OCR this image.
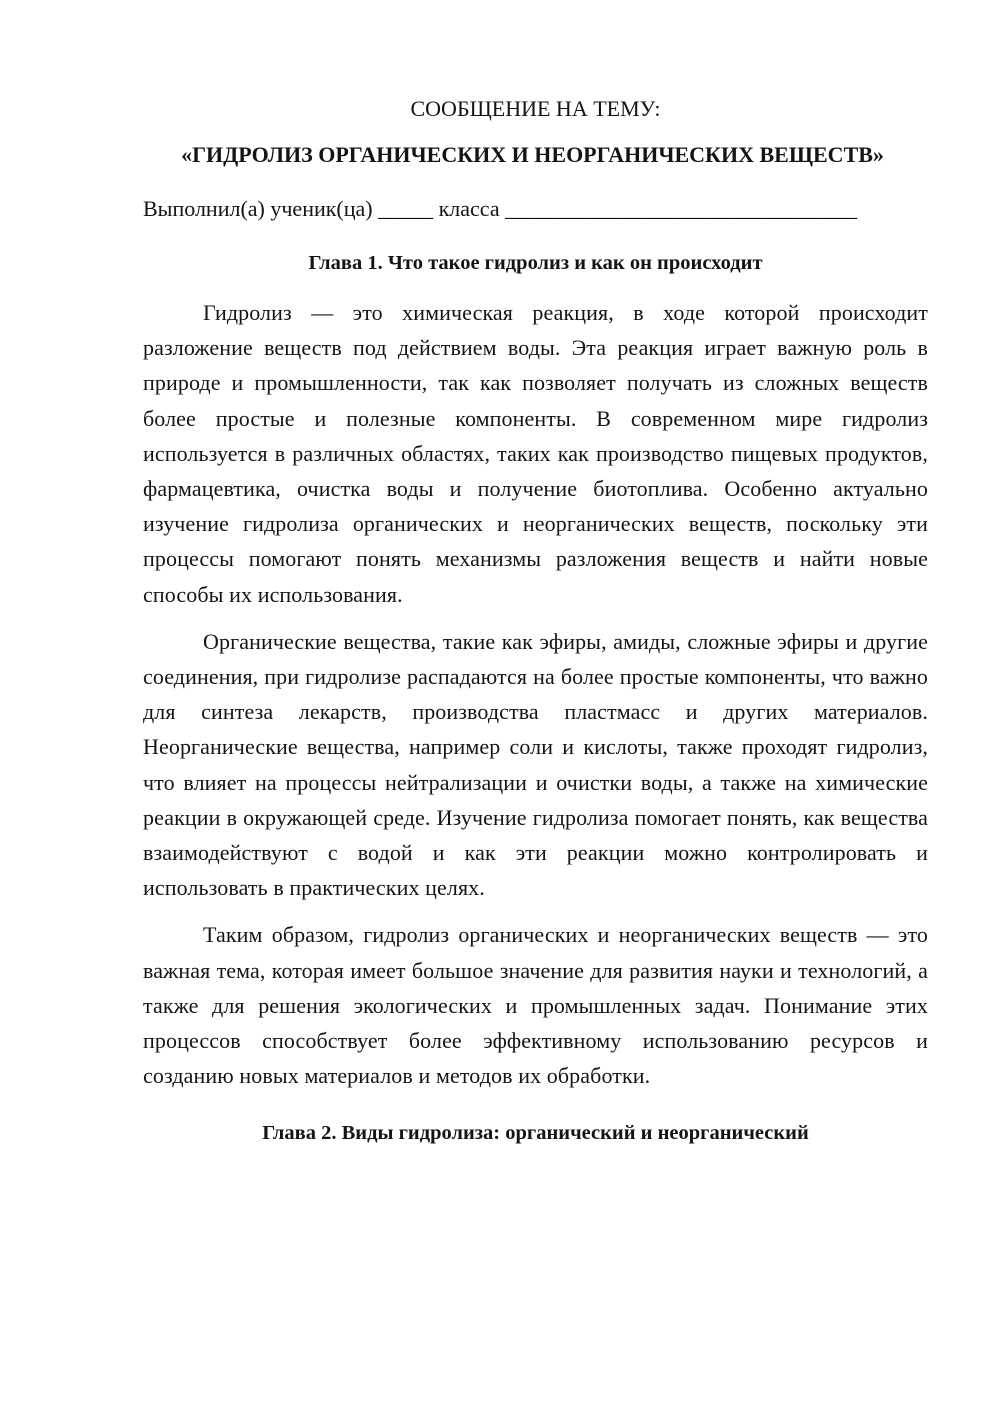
СООБЩЕНИЕ НА ТЕМУ:
«ГИДРОЛИЗ ОРГАНИЧЕСКИХ И НЕОРГАНИЧЕСКИХ ВЕЩЕСТВ»

Выполнил(а) ученик(ца) _____ класса ________________________________

Глава 1. Что такое гидролиз и как он происходит

Гидролиз — это химическая реакция, в ходе которой происходит разложение веществ под действием воды. Эта реакция играет важную роль в природе и промышленности, так как позволяет получать из сложных веществ более простые и полезные компоненты. В современном мире гидролиз используется в различных областях, таких как производство пищевых продуктов, фармацевтика, очистка воды и получение биотоплива. Особенно актуально изучение гидролиза органических и неорганических веществ, поскольку эти процессы помогают понять механизмы разложения веществ и найти новые способы их использования.

Органические вещества, такие как эфиры, амиды, сложные эфиры и другие соединения, при гидролизе распадаются на более простые компоненты, что важно для синтеза лекарств, производства пластмасс и других материалов. Неорганические вещества, например соли и кислоты, также проходят гидролиз, что влияет на процессы нейтрализации и очистки воды, а также на химические реакции в окружающей среде. Изучение гидролиза помогает понять, как вещества взаимодействуют с водой и как эти реакции можно контролировать и использовать в практических целях.

Таким образом, гидролиз органических и неорганических веществ — это важная тема, которая имеет большое значение для развития науки и технологий, а также для решения экологических и промышленных задач. Понимание этих процессов способствует более эффективному использованию ресурсов и созданию новых материалов и методов их обработки.

Глава 2. Виды гидролиза: органический и неорганический
